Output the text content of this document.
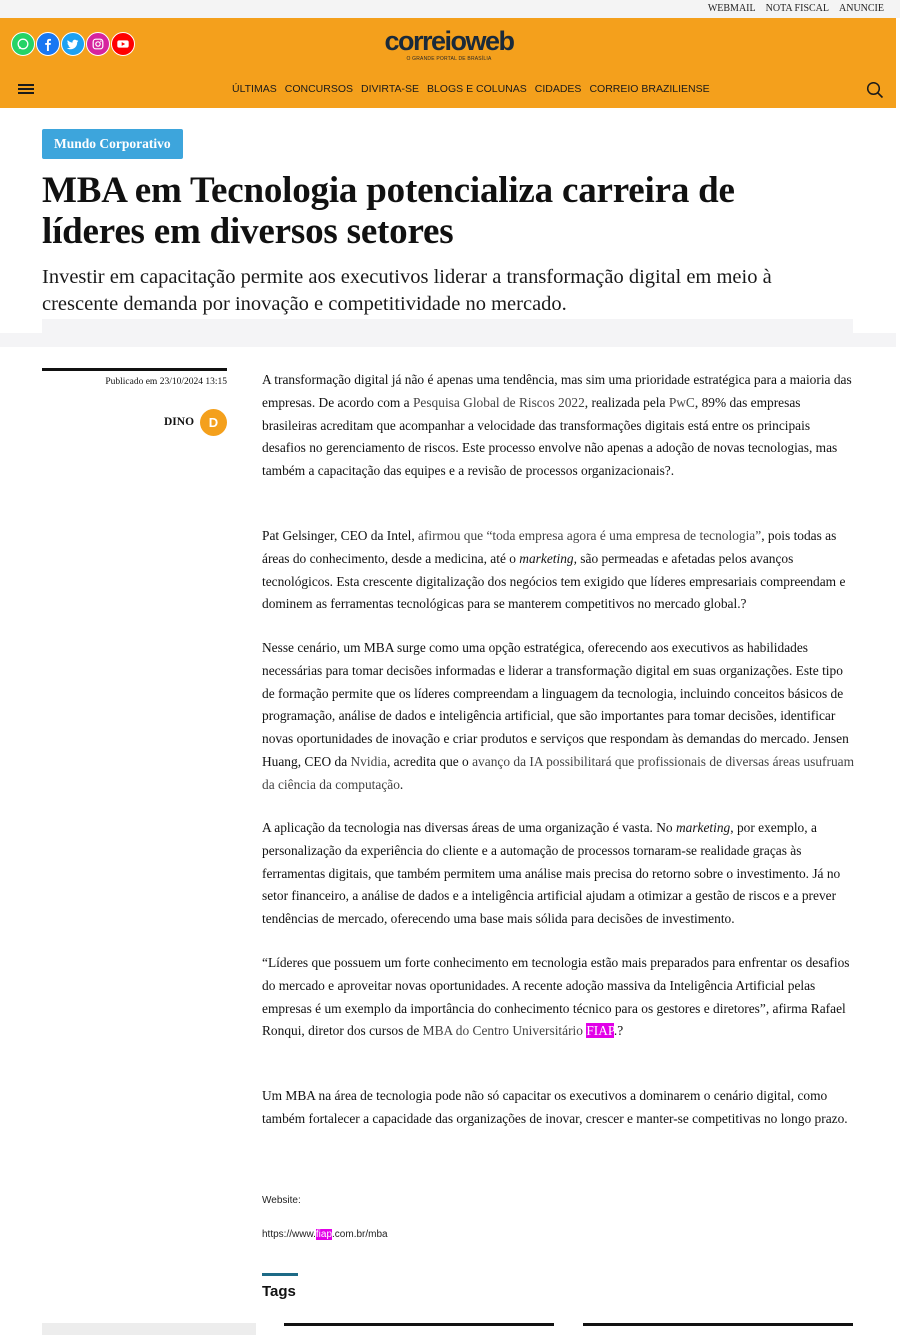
WEBMAIL NOTA FISCAL ANUNCIE
correioweb
O GRANDE PORTAL DE BRASÍLIA
ÚLTIMAS CONCURSOS DIVIRTA-SE BLOGS E COLUNAS CIDADES CORREIO BRAZILIENSE
Mundo Corporativo
MBA em Tecnologia potencializa carreira de líderes em diversos setores

Investir em capacitação permite aos executivos liderar a transformação digital em meio à crescente demanda por inovação e competitividade no mercado.

Publicado em 23/10/2024 13:15
DINO	D

A transformação digital já não é apenas uma tendência, mas sim uma prioridade estratégica para a maioria das empresas. De acordo com a Pesquisa Global de Riscos 2022, realizada pela PwC, 89% das empresas brasileiras acreditam que acompanhar a velocidade das transformações digitais está entre os principais desafios no gerenciamento de riscos. Este processo envolve não apenas a adoção de novas tecnologias, mas também a capacitação das equipes e a revisão de processos organizacionais?.

Pat Gelsinger, CEO da Intel, afirmou que “toda empresa agora é uma empresa de tecnologia”, pois todas as áreas do conhecimento, desde a medicina, até o marketing, são permeadas e afetadas pelos avanços tecnológicos. Esta crescente digitalização dos negócios tem exigido que líderes empresariais compreendam e dominem as ferramentas tecnológicas para se manterem competitivos no mercado global.?

Nesse cenário, um MBA surge como uma opção estratégica, oferecendo aos executivos as habilidades necessárias para tomar decisões informadas e liderar a transformação digital em suas organizações. Este tipo de formação permite que os líderes compreendam a linguagem da tecnologia, incluindo conceitos básicos de programação, análise de dados e inteligência artificial, que são importantes para tomar decisões, identificar novas oportunidades de inovação e criar produtos e serviços que respondam às demandas do mercado. Jensen Huang, CEO da Nvidia, acredita que o avanço da IA possibilitará que profissionais de diversas áreas usufruam da ciência da computação.

A aplicação da tecnologia nas diversas áreas de uma organização é vasta. No marketing, por exemplo, a personalização da experiência do cliente e a automação de processos tornaram-se realidade graças às ferramentas digitais, que também permitem uma análise mais precisa do retorno sobre o investimento. Já no setor financeiro, a análise de dados e a inteligência artificial ajudam a otimizar a gestão de riscos e a prever tendências de mercado, oferecendo uma base mais sólida para decisões de investimento.

“Líderes que possuem um forte conhecimento em tecnologia estão mais preparados para enfrentar os desafios do mercado e aproveitar novas oportunidades. A recente adoção massiva da Inteligência Artificial pelas empresas é um exemplo da importância do conhecimento técnico para os gestores e diretores”, afirma Rafael Ronqui, diretor dos cursos de MBA do Centro Universitário FIAP.?

Um MBA na área de tecnologia pode não só capacitar os executivos a dominarem o cenário digital, como também fortalecer a capacidade das organizações de inovar, crescer e manter-se competitivas no longo prazo.

Website:
https://www.fiap.com.br/mba
Tags
